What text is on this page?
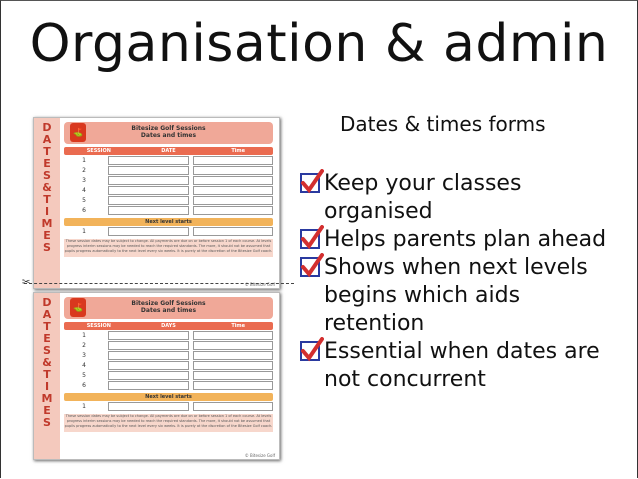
Organisation & admin
Dates & times forms
Keep your classes
organised
Helps parents plan ahead
Shows when next levels
begins which aids
retention
Essential when dates are
not concurrent
D
A
T
E
S
&
T
I
M
E
S
⛳	Bitesize Golf Sessions
Dates and times
SESSION	DATE	Time
1
2
3
4
5
6
Next level starts
1
These session dates may be subject to change. All payments are due on or before session 1 of each course. At levels progress interim sessions may be needed to reach the required standards. The more, it should not be assumed that pupils progress automatically to the next level every six weeks. It is purely at the discretion of the Bitesize Golf coach.
© Bitesize Golf
✂
D
A
T
E
S
&
T
I
M
E
S
⛳	Bitesize Golf Sessions
Dates and times
SESSION	DAYS	Time
1
2
3
4
5
6
Next level starts
1
These session dates may be subject to change. All payments are due on or before session 1 of each course. At levels progress interim sessions may be needed to reach the required standards. The more, it should not be assumed that pupils progress automatically to the next level every six weeks. It is purely at the discretion of the Bitesize Golf coach.
© Bitesize Golf
